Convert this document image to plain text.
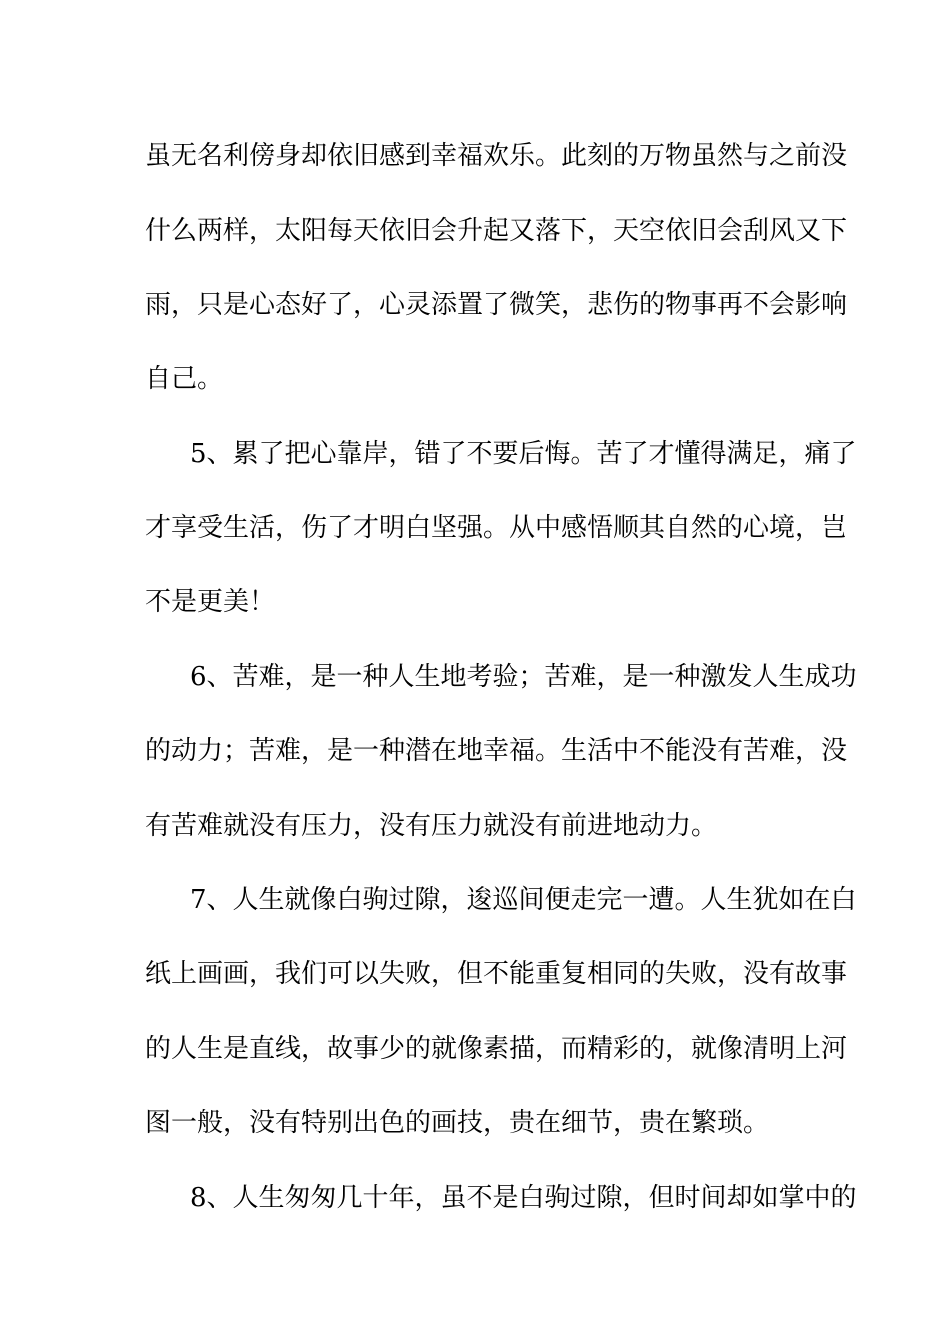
虽无名利傍身却依旧感到幸福欢乐。此刻的万物虽然与之前没
什么两样，太阳每天依旧会升起又落下，天空依旧会刮风又下
雨，只是心态好了，心灵添置了微笑，悲伤的物事再不会影响
自己。
5、累了把心靠岸，错了不要后悔。苦了才懂得满足，痛了
才享受生活，伤了才明白坚强。从中感悟顺其自然的心境，岂
不是更美！
6、苦难，是一种人生地考验；苦难，是一种激发人生成功
的动力；苦难，是一种潜在地幸福。生活中不能没有苦难，没
有苦难就没有压力，没有压力就没有前进地动力。
7、人生就像白驹过隙，逡巡间便走完一遭。人生犹如在白
纸上画画，我们可以失败，但不能重复相同的失败，没有故事
的人生是直线，故事少的就像素描，而精彩的，就像清明上河
图一般，没有特别出色的画技，贵在细节，贵在繁琐。
8、人生匆匆几十年，虽不是白驹过隙，但时间却如掌中的
